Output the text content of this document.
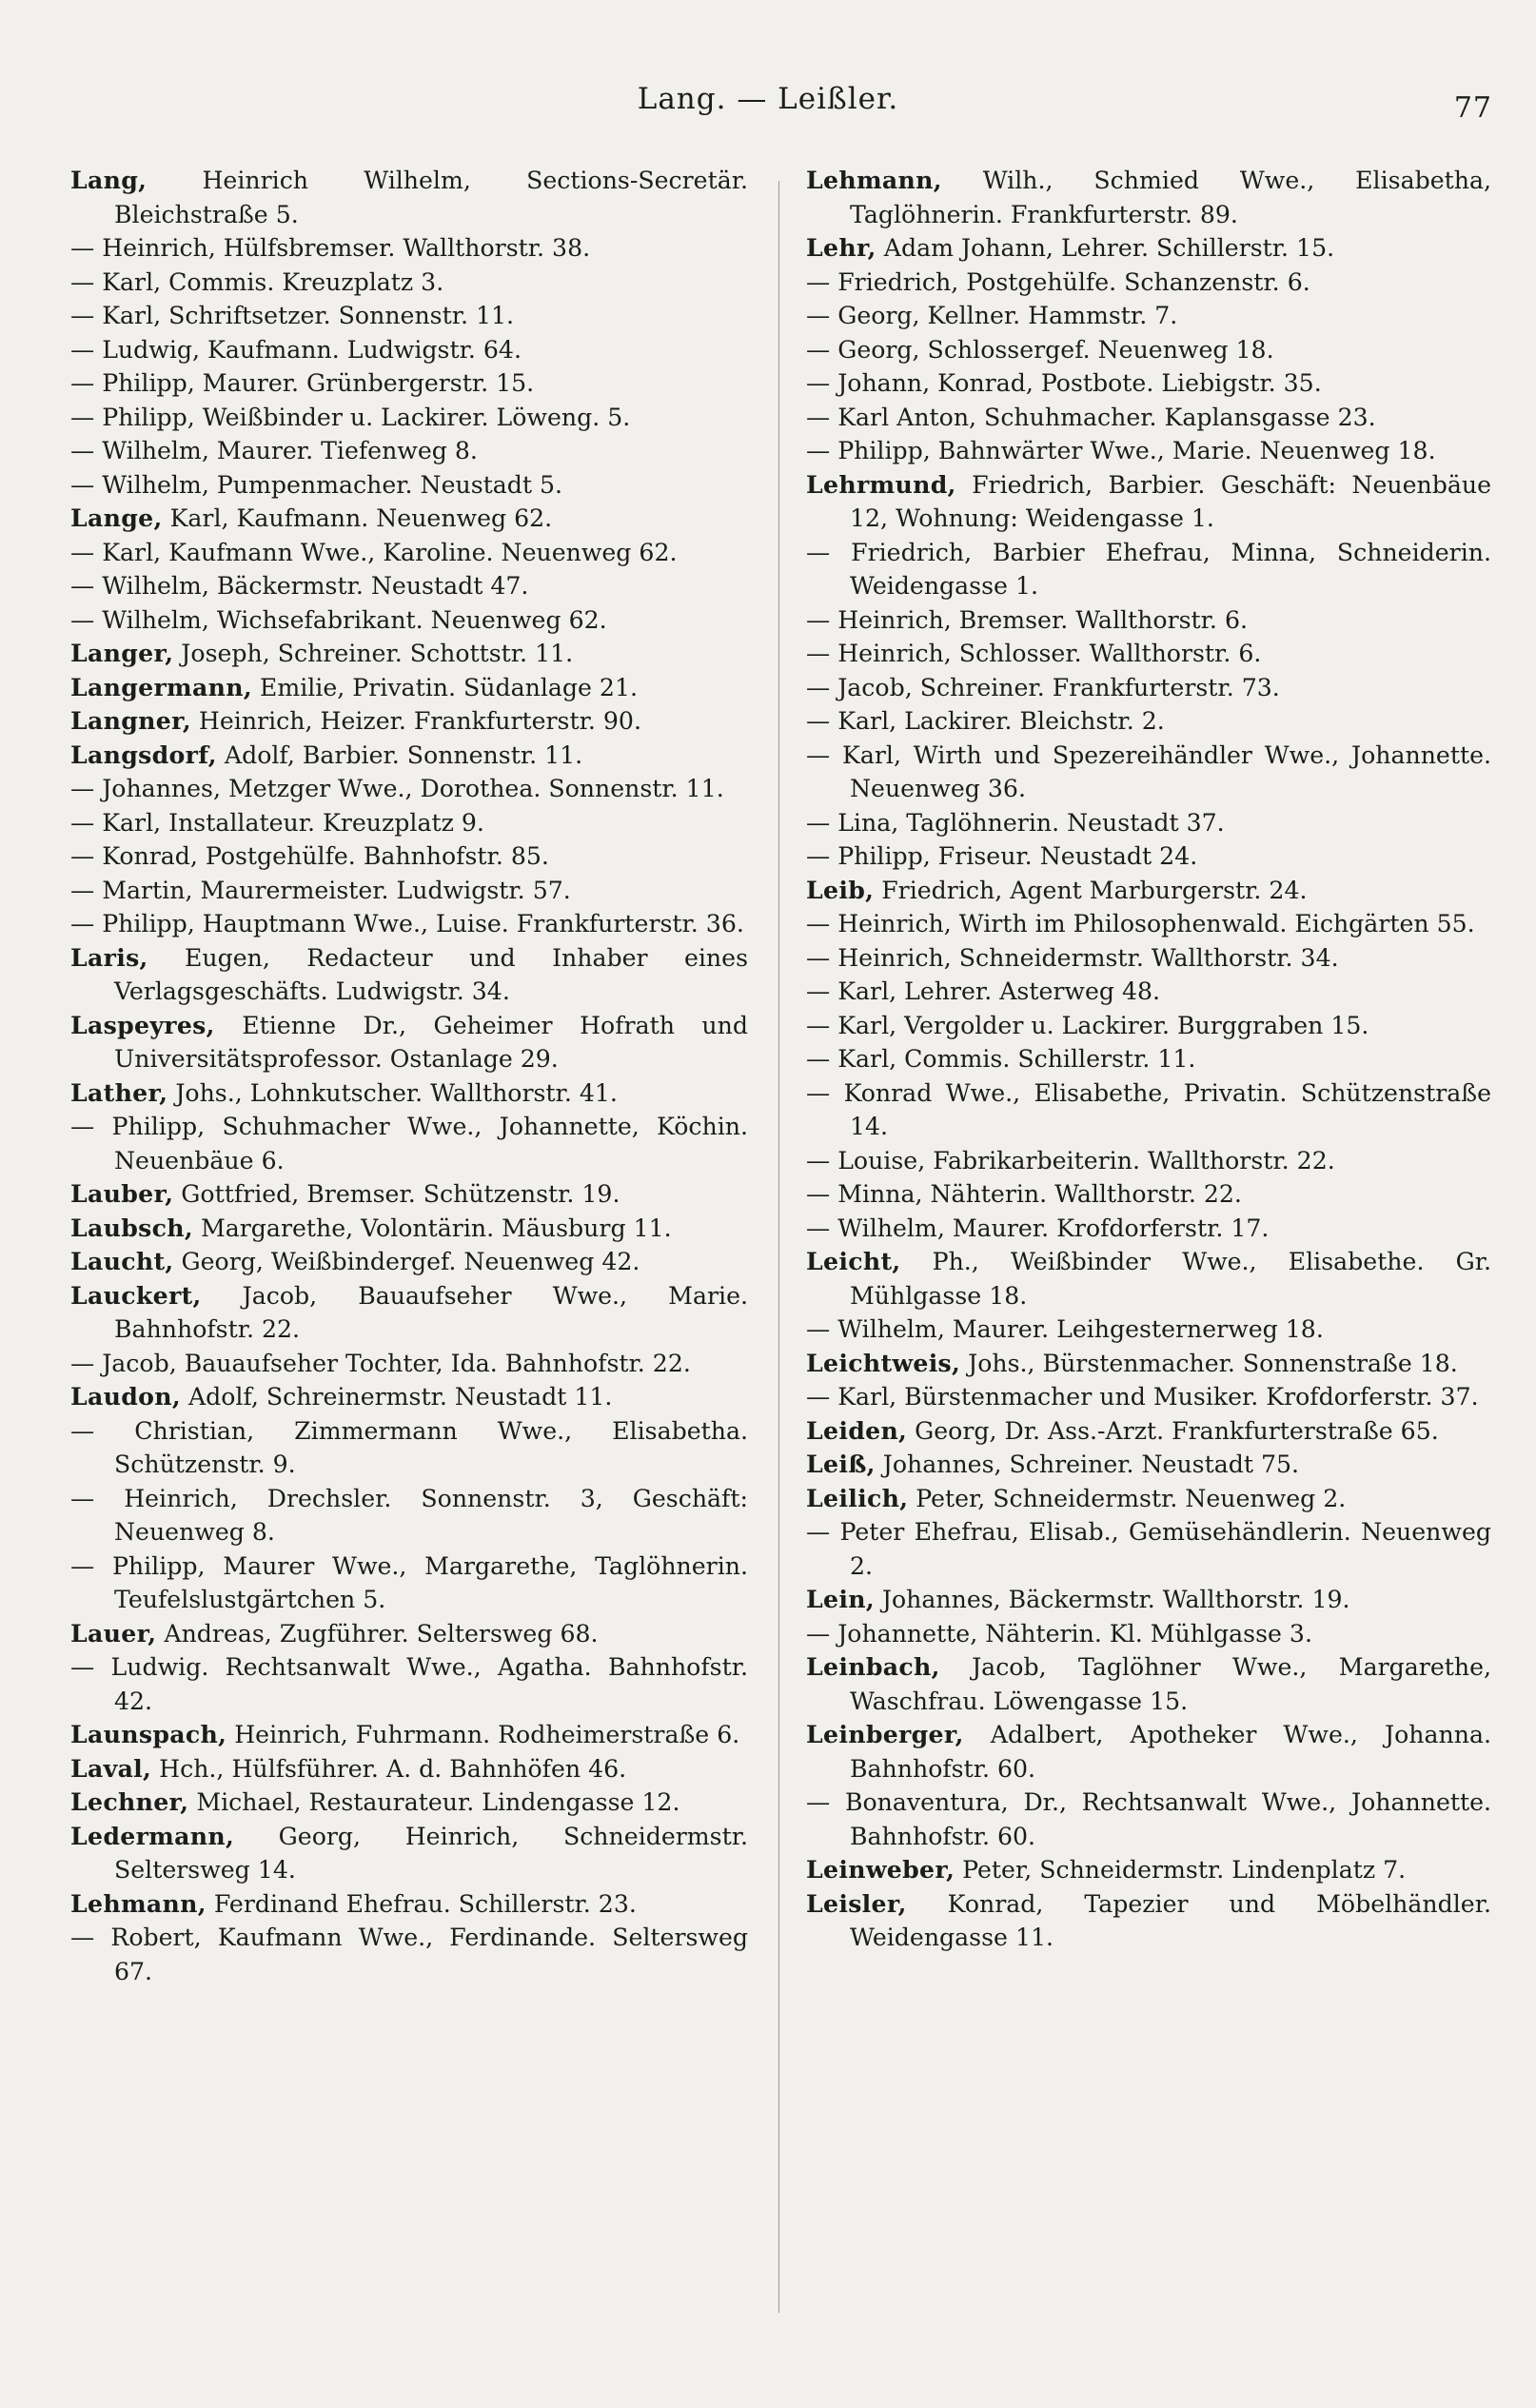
Lang. — Leißler.	77
Lang, Heinrich Wilhelm, Sections-Secretär. Bleichstraße 5.
— Heinrich, Hülfsbremser. Wallthorstr. 38.
— Karl, Commis. Kreuzplatz 3.
— Karl, Schriftsetzer. Sonnenstr. 11.
— Ludwig, Kaufmann. Ludwigstr. 64.
— Philipp, Maurer. Grünbergerstr. 15.
— Philipp, Weißbinder u. Lackirer. Löweng. 5.
— Wilhelm, Maurer. Tiefenweg 8.
— Wilhelm, Pumpenmacher. Neustadt 5.
Lange, Karl, Kaufmann. Neuenweg 62.
— Karl, Kaufmann Wwe., Karoline. Neuenweg 62.
— Wilhelm, Bäckermstr. Neustadt 47.
— Wilhelm, Wichsefabrikant. Neuenweg 62.
Langer, Joseph, Schreiner. Schottstr. 11.
Langermann, Emilie, Privatin. Südanlage 21.
Langner, Heinrich, Heizer. Frankfurterstr. 90.
Langsdorf, Adolf, Barbier. Sonnenstr. 11.
— Johannes, Metzger Wwe., Dorothea. Sonnenstr. 11.
— Karl, Installateur. Kreuzplatz 9.
— Konrad, Postgehülfe. Bahnhofstr. 85.
— Martin, Maurermeister. Ludwigstr. 57.
— Philipp, Hauptmann Wwe., Luise. Frankfurterstr. 36.
Laris, Eugen, Redacteur und Inhaber eines Verlagsgeschäfts. Ludwigstr. 34.
Laspeyres, Etienne Dr., Geheimer Hofrath und Universitätsprofessor. Ostanlage 29.
Lather, Johs., Lohnkutscher. Wallthorstr. 41.
— Philipp, Schuhmacher Wwe., Johannette, Köchin. Neuenbäue 6.
Lauber, Gottfried, Bremser. Schützenstr. 19.
Laubsch, Margarethe, Volontärin. Mäusburg 11.
Laucht, Georg, Weißbindergef. Neuenweg 42.
Lauckert, Jacob, Bauaufseher Wwe., Marie. Bahnhofstr. 22.
— Jacob, Bauaufseher Tochter, Ida. Bahnhofstr. 22.
Laudon, Adolf, Schreinermstr. Neustadt 11.
— Christian, Zimmermann Wwe., Elisabetha. Schützenstr. 9.
— Heinrich, Drechsler. Sonnenstr. 3, Geschäft: Neuenweg 8.
— Philipp, Maurer Wwe., Margarethe, Taglöhnerin. Teufelslustgärtchen 5.
Lauer, Andreas, Zugführer. Seltersweg 68.
— Ludwig. Rechtsanwalt Wwe., Agatha. Bahnhofstr. 42.
Launspach, Heinrich, Fuhrmann. Rodheimerstraße 6.
Laval, Hch., Hülfsführer. A. d. Bahnhöfen 46.
Lechner, Michael, Restaurateur. Lindengasse 12.
Ledermann, Georg, Heinrich, Schneidermstr. Seltersweg 14.
Lehmann, Ferdinand Ehefrau. Schillerstr. 23.
— Robert, Kaufmann Wwe., Ferdinande. Seltersweg 67.
Lehmann, Wilh., Schmied Wwe., Elisabetha, Taglöhnerin. Frankfurterstr. 89.
Lehr, Adam Johann, Lehrer. Schillerstr. 15.
— Friedrich, Postgehülfe. Schanzenstr. 6.
— Georg, Kellner. Hammstr. 7.
— Georg, Schlossergef. Neuenweg 18.
— Johann, Konrad, Postbote. Liebigstr. 35.
— Karl Anton, Schuhmacher. Kaplansgasse 23.
— Philipp, Bahnwärter Wwe., Marie. Neuenweg 18.
Lehrmund, Friedrich, Barbier. Geschäft: Neuenbäue 12, Wohnung: Weidengasse 1.
— Friedrich, Barbier Ehefrau, Minna, Schneiderin. Weidengasse 1.
— Heinrich, Bremser. Wallthorstr. 6.
— Heinrich, Schlosser. Wallthorstr. 6.
— Jacob, Schreiner. Frankfurterstr. 73.
— Karl, Lackirer. Bleichstr. 2.
— Karl, Wirth und Spezereihändler Wwe., Johannette. Neuenweg 36.
— Lina, Taglöhnerin. Neustadt 37.
— Philipp, Friseur. Neustadt 24.
Leib, Friedrich, Agent Marburgerstr. 24.
— Heinrich, Wirth im Philosophenwald. Eichgärten 55.
— Heinrich, Schneidermstr. Wallthorstr. 34.
— Karl, Lehrer. Asterweg 48.
— Karl, Vergolder u. Lackirer. Burggraben 15.
— Karl, Commis. Schillerstr. 11.
— Konrad Wwe., Elisabethe, Privatin. Schützenstraße 14.
— Louise, Fabrikarbeiterin. Wallthorstr. 22.
— Minna, Nähterin. Wallthorstr. 22.
— Wilhelm, Maurer. Krofdorferstr. 17.
Leicht, Ph., Weißbinder Wwe., Elisabethe. Gr. Mühlgasse 18.
— Wilhelm, Maurer. Leihgesternerweg 18.
Leichtweis, Johs., Bürstenmacher. Sonnenstraße 18.
— Karl, Bürstenmacher und Musiker. Krofdorferstr. 37.
Leiden, Georg, Dr. Ass.-Arzt. Frankfurterstraße 65.
Leiß, Johannes, Schreiner. Neustadt 75.
Leilich, Peter, Schneidermstr. Neuenweg 2.
— Peter Ehefrau, Elisab., Gemüsehändlerin. Neuenweg 2.
Lein, Johannes, Bäckermstr. Wallthorstr. 19.
— Johannette, Nähterin. Kl. Mühlgasse 3.
Leinbach, Jacob, Taglöhner Wwe., Margarethe, Waschfrau. Löwengasse 15.
Leinberger, Adalbert, Apotheker Wwe., Johanna. Bahnhofstr. 60.
— Bonaventura, Dr., Rechtsanwalt Wwe., Johannette. Bahnhofstr. 60.
Leinweber, Peter, Schneidermstr. Lindenplatz 7.
Leisler, Konrad, Tapezier und Möbelhändler. Weidengasse 11.
